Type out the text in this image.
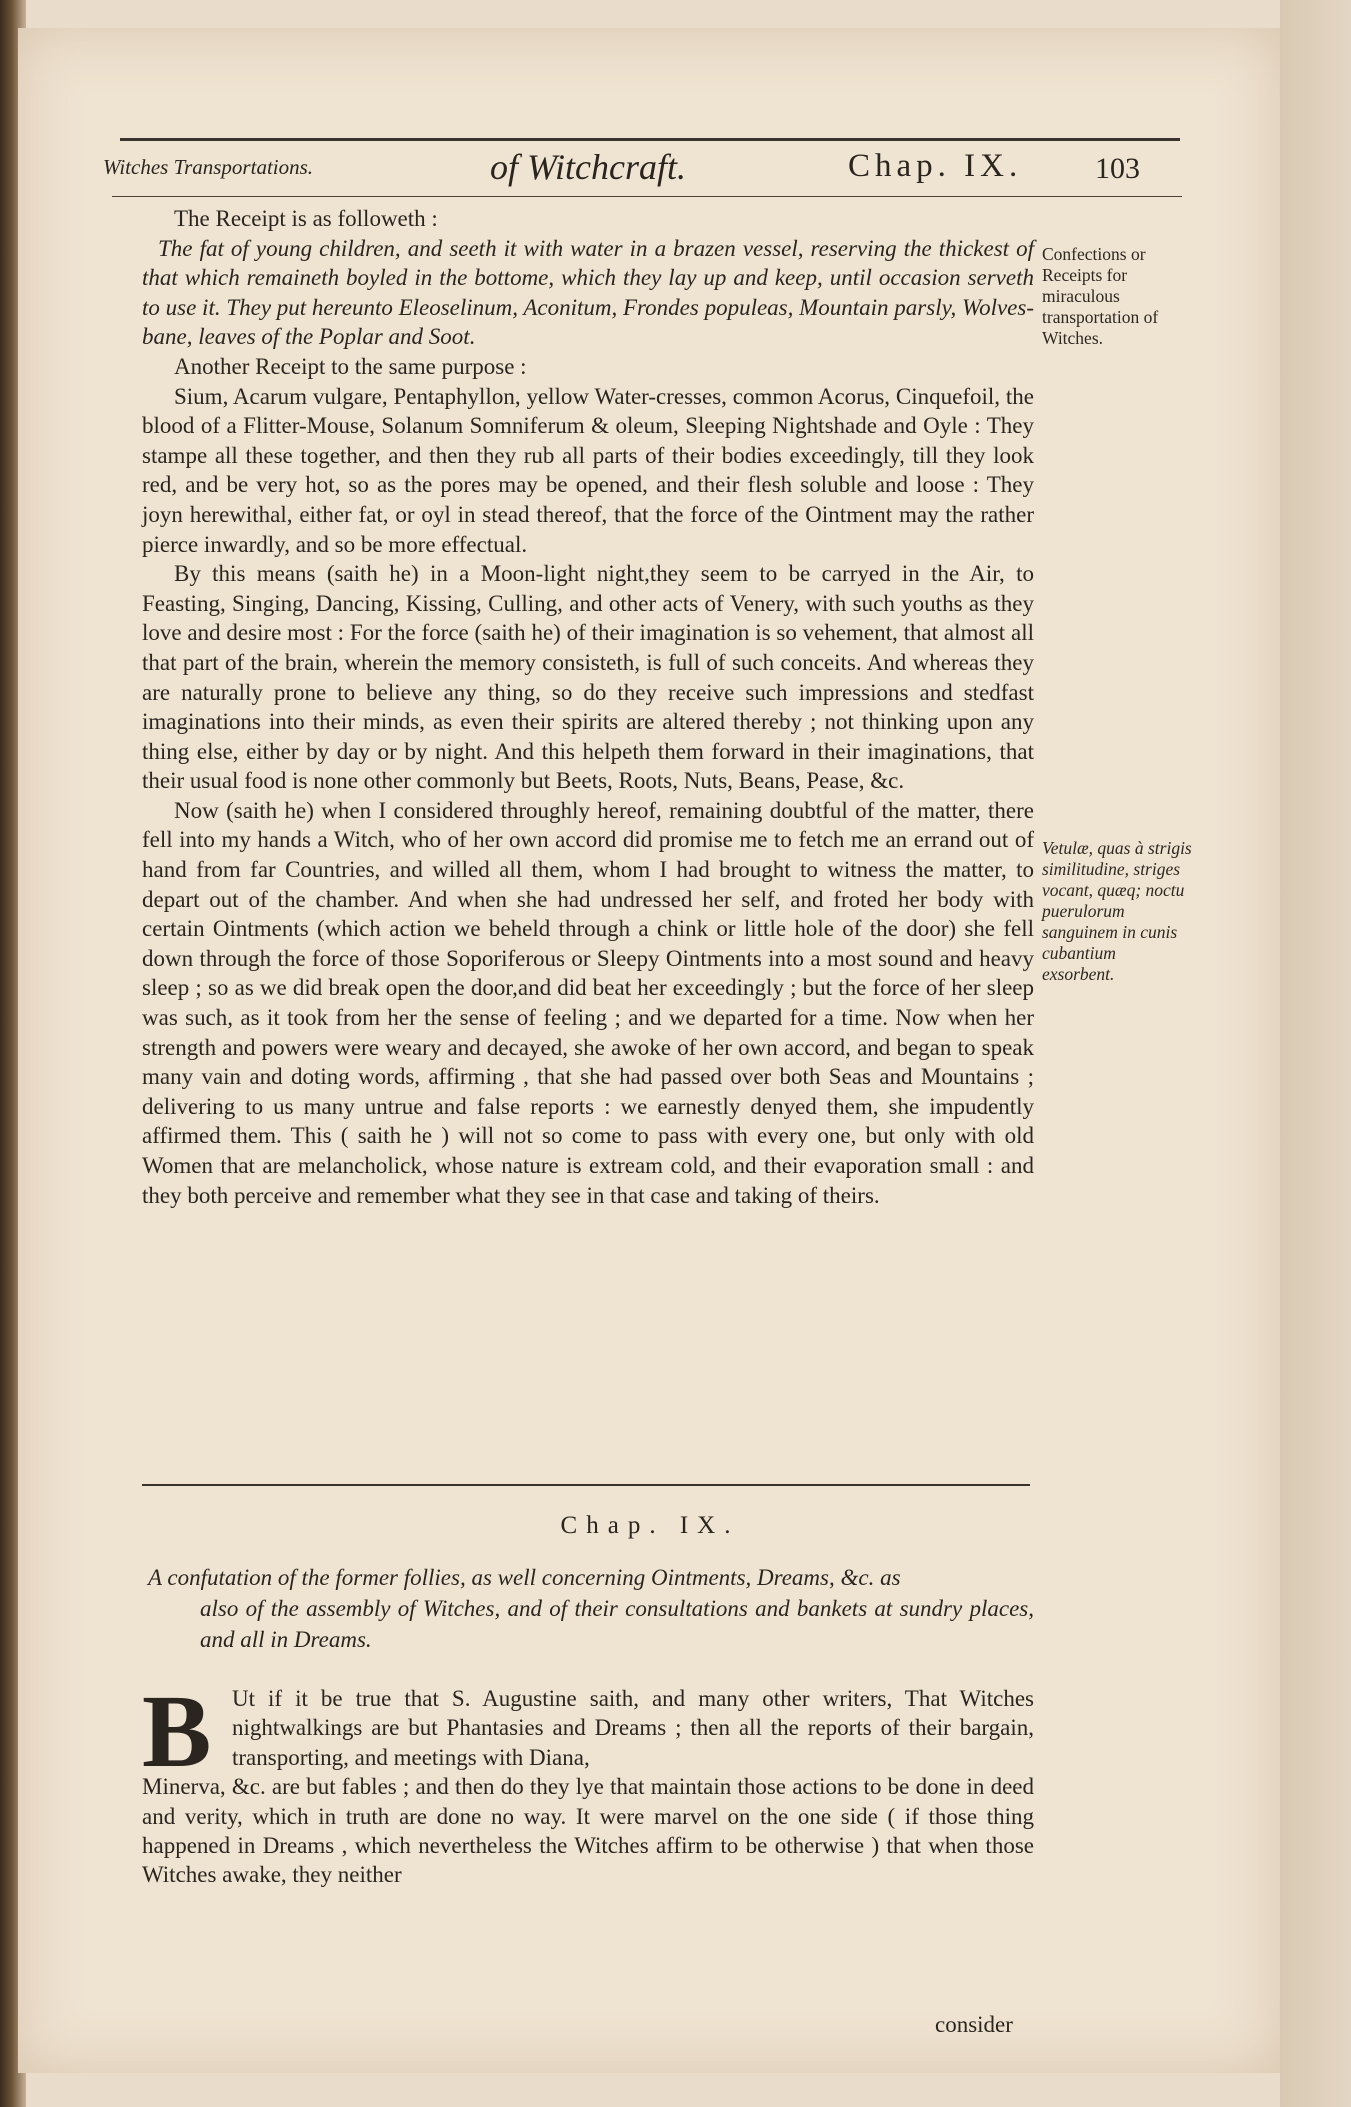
Witches Transportations.	of Witchcraft.	Chap. IX. 103

The Receipt is as followeth :

The fat of young children, and seeth it with water in a brazen vessel, reserving the thickest of that which remaineth boyled in the bottome, which they lay up and keep, until occasion serveth to use it. They put hereunto Eleoselinum, Aconitum, Frondes populeas, Mountain parsly, Wolves-bane, leaves of the Poplar and Soot.

Another Receipt to the same purpose :

Sium, Acarum vulgare, Pentaphyllon, yellow Water-cresses, common Acorus, Cinquefoil, the blood of a Flitter-Mouse, Solanum Somniferum & oleum, Sleeping Nightshade and Oyle : They stampe all these together, and then they rub all parts of their bodies exceedingly, till they look red, and be very hot, so as the pores may be opened, and their flesh soluble and loose : They joyn herewithal, either fat, or oyl in stead thereof, that the force of the Ointment may the rather pierce inwardly, and so be more effectual.

By this means (saith he) in a Moon-light night,they seem to be carryed in the Air, to Feasting, Singing, Dancing, Kissing, Culling, and other acts of Venery, with such youths as they love and desire most : For the force (saith he) of their imagination is so vehement, that almost all that part of the brain, wherein the memory consisteth, is full of such conceits. And whereas they are naturally prone to believe any thing, so do they receive such impressions and stedfast imaginations into their minds, as even their spirits are altered thereby ; not thinking upon any thing else, either by day or by night. And this helpeth them forward in their imaginations, that their usual food is none other commonly but Beets, Roots, Nuts, Beans, Pease, &c.

Now (saith he) when I considered throughly hereof, remaining doubtful of the matter, there fell into my hands a Witch, who of her own accord did promise me to fetch me an errand out of hand from far Countries, and willed all them, whom I had brought to witness the matter, to depart out of the chamber. And when she had undressed her self, and froted her body with certain Ointments (which action we beheld through a chink or little hole of the door) she fell down through the force of those Soporiferous or Sleepy Ointments into a most sound and heavy sleep ; so as we did break open the door,and did beat her exceedingly ; but the force of her sleep was such, as it took from her the sense of feeling ; and we departed for a time. Now when her strength and powers were weary and decayed, she awoke of her own accord, and began to speak many vain and doting words, affirming , that she had passed over both Seas and Mountains ; delivering to us many untrue and false reports : we earnestly denyed them, she impudently affirmed them. This ( saith he ) will not so come to pass with every one, but only with old Women that are melancholick, whose nature is extream cold, and their evaporation small : and they both perceive and remember what they see in that case and taking of theirs.

Confections or Receipts for miraculous transportation of Witches.
Vetulæ, quas à strigis similitudine, striges vocant, quæq; noctu puerulorum sanguinem in cunis cubantium exsorbent.
Chap. IX.
A confutation of the former follies, as well concerning Ointments, Dreams, &c. as
also of the assembly of Witches, and of their consultations and bankets at sundry places, and all in Dreams.
B Ut if it be true that S. Augustine saith, and many other writers, That Witches nightwalkings are but Phantasies and Dreams ; then all the reports of their bargain, transporting, and meetings with Diana,
Minerva, &c. are but fables ; and then do they lye that maintain those actions to be done in deed and verity, which in truth are done no way. It were marvel on the one side ( if those thing happened in Dreams , which nevertheless the Witches affirm to be otherwise ) that when those Witches awake, they neither
consider
